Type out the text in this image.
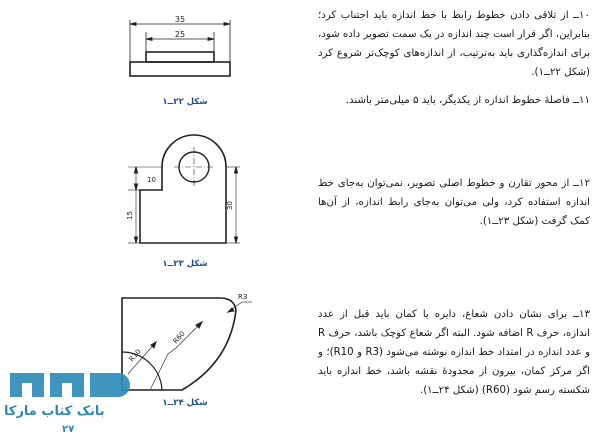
۱۰ــ از تلاقی دادن خطوط رابط با خط اندازه باید اجتناب کرد؛ بنابراین، اگر قرار است چند اندازه در یک سمت تصویر داده شود، برای اندازه‌گذاری باید به‌ترتیب، از اندازه‌های کوچک‌تر شروع کرد (شکل ۲۲ــ۱).

۱۱ــ فاصلهٔ خطوط اندازه از یکدیگر، باید ۵ میلی‌متر باشند.

۱۲ــ از محور تقارن و خطوط اصلی تصویر، نمی‌توان به‌جای خط اندازه استفاده کرد، ولی می‌توان به‌جای رابط اندازه، از آن‌ها کمک گرفت (شکل ۲۳ــ۱).

۱۳ــ برای نشان دادن شعاع، دایره یا کمان باید قبل از عدد اندازه، حرف R اضافه شود. البته اگر شعاع کوچک باشد، حرف R و عدد اندازه در امتداد خط اندازه نوشته می‌شود (R3 و R10)؛ و اگر مرکز کمان، بیرون از محدودهٔ نقشه باشد، خط اندازه باید شکسته رسم شود (R60) (شکل ۲۴ــ۱).

35
25
شکل ۲۲ــ۱
10
15
30
شکل ۲۳ــ۱
R10
R60
R3
شکل ۲۴ــ۱
بانک کتاب مارکا
۲۷
